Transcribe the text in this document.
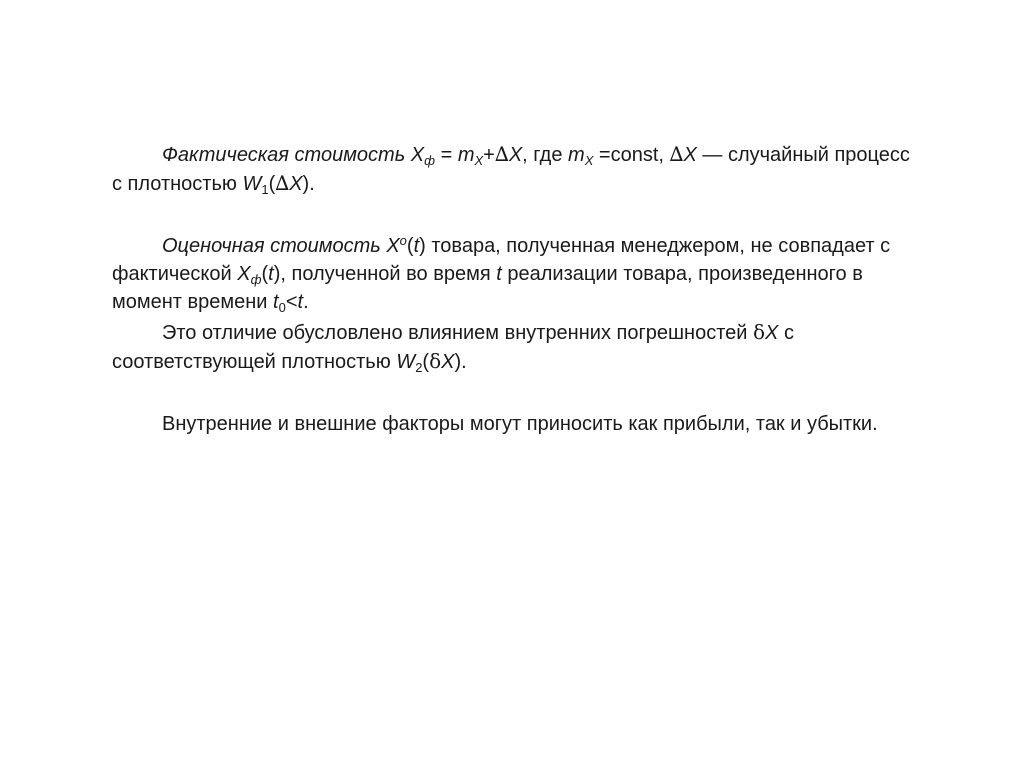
Фактическая стоимость $X_ф = m_X+\Delta X$, где $m_X$ =const, ∆X — случайный процесс с плотностью $W_1(\Delta X)$.

Оценочная стоимость $X^o(t)$ товара, полученная менеджером, не совпадает с фактической $X_ф(t)$, полученной во время t реализации товара, произведенного в момент времени $t_0<t$.

Это отличие обусловлено влиянием внутренних погрешностей δX с соответствующей плотностью $W_2(\delta X)$.

Внутренние и внешние факторы могут приносить как прибыли, так и убытки.
